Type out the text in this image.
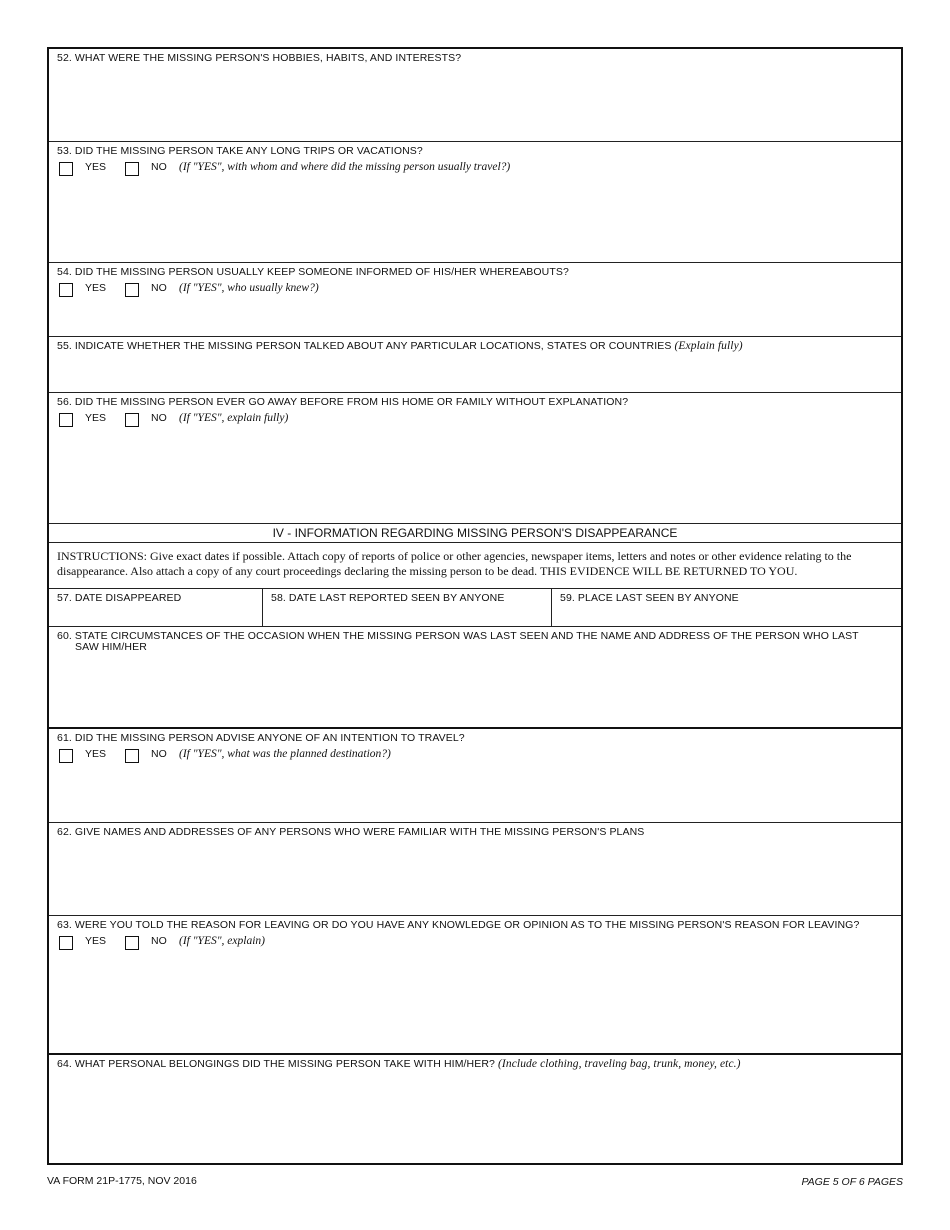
52. WHAT WERE THE MISSING PERSON'S HOBBIES, HABITS, AND INTERESTS?
53. DID THE MISSING PERSON TAKE ANY LONG TRIPS OR VACATIONS?
YES	NO (If "YES", with whom and where did the missing person usually travel?)
54. DID THE MISSING PERSON USUALLY KEEP SOMEONE INFORMED OF HIS/HER WHEREABOUTS?
YES	NO (If "YES", who usually knew?)
55. INDICATE WHETHER THE MISSING PERSON TALKED ABOUT ANY PARTICULAR LOCATIONS, STATES OR COUNTRIES (Explain fully)
56. DID THE MISSING PERSON EVER GO AWAY BEFORE FROM HIS HOME OR FAMILY WITHOUT EXPLANATION?
YES	NO (If "YES", explain fully)
IV - INFORMATION REGARDING MISSING PERSON'S DISAPPEARANCE
INSTRUCTIONS: Give exact dates if possible. Attach copy of reports of police or other agencies, newspaper items, letters and notes or other evidence relating to the disappearance. Also attach a copy of any court proceedings declaring the missing person to be dead. THIS EVIDENCE WILL BE RETURNED TO YOU.
57. DATE DISAPPEARED	58. DATE LAST REPORTED SEEN BY ANYONE	59. PLACE LAST SEEN BY ANYONE
60. STATE CIRCUMSTANCES OF THE OCCASION WHEN THE MISSING PERSON WAS LAST SEEN AND THE NAME AND ADDRESS OF THE PERSON WHO LAST
SAW HIM/HER
61. DID THE MISSING PERSON ADVISE ANYONE OF AN INTENTION TO TRAVEL?
YES	NO (If "YES", what was the planned destination?)
62. GIVE NAMES AND ADDRESSES OF ANY PERSONS WHO WERE FAMILIAR WITH THE MISSING PERSON'S PLANS
63. WERE YOU TOLD THE REASON FOR LEAVING OR DO YOU HAVE ANY KNOWLEDGE OR OPINION AS TO THE MISSING PERSON'S REASON FOR LEAVING?
YES	NO (If "YES", explain)
64. WHAT PERSONAL BELONGINGS DID THE MISSING PERSON TAKE WITH HIM/HER? (Include clothing, traveling bag, trunk, money, etc.)
VA FORM 21P-1775, NOV 2016	PAGE 5 OF 6 PAGES
